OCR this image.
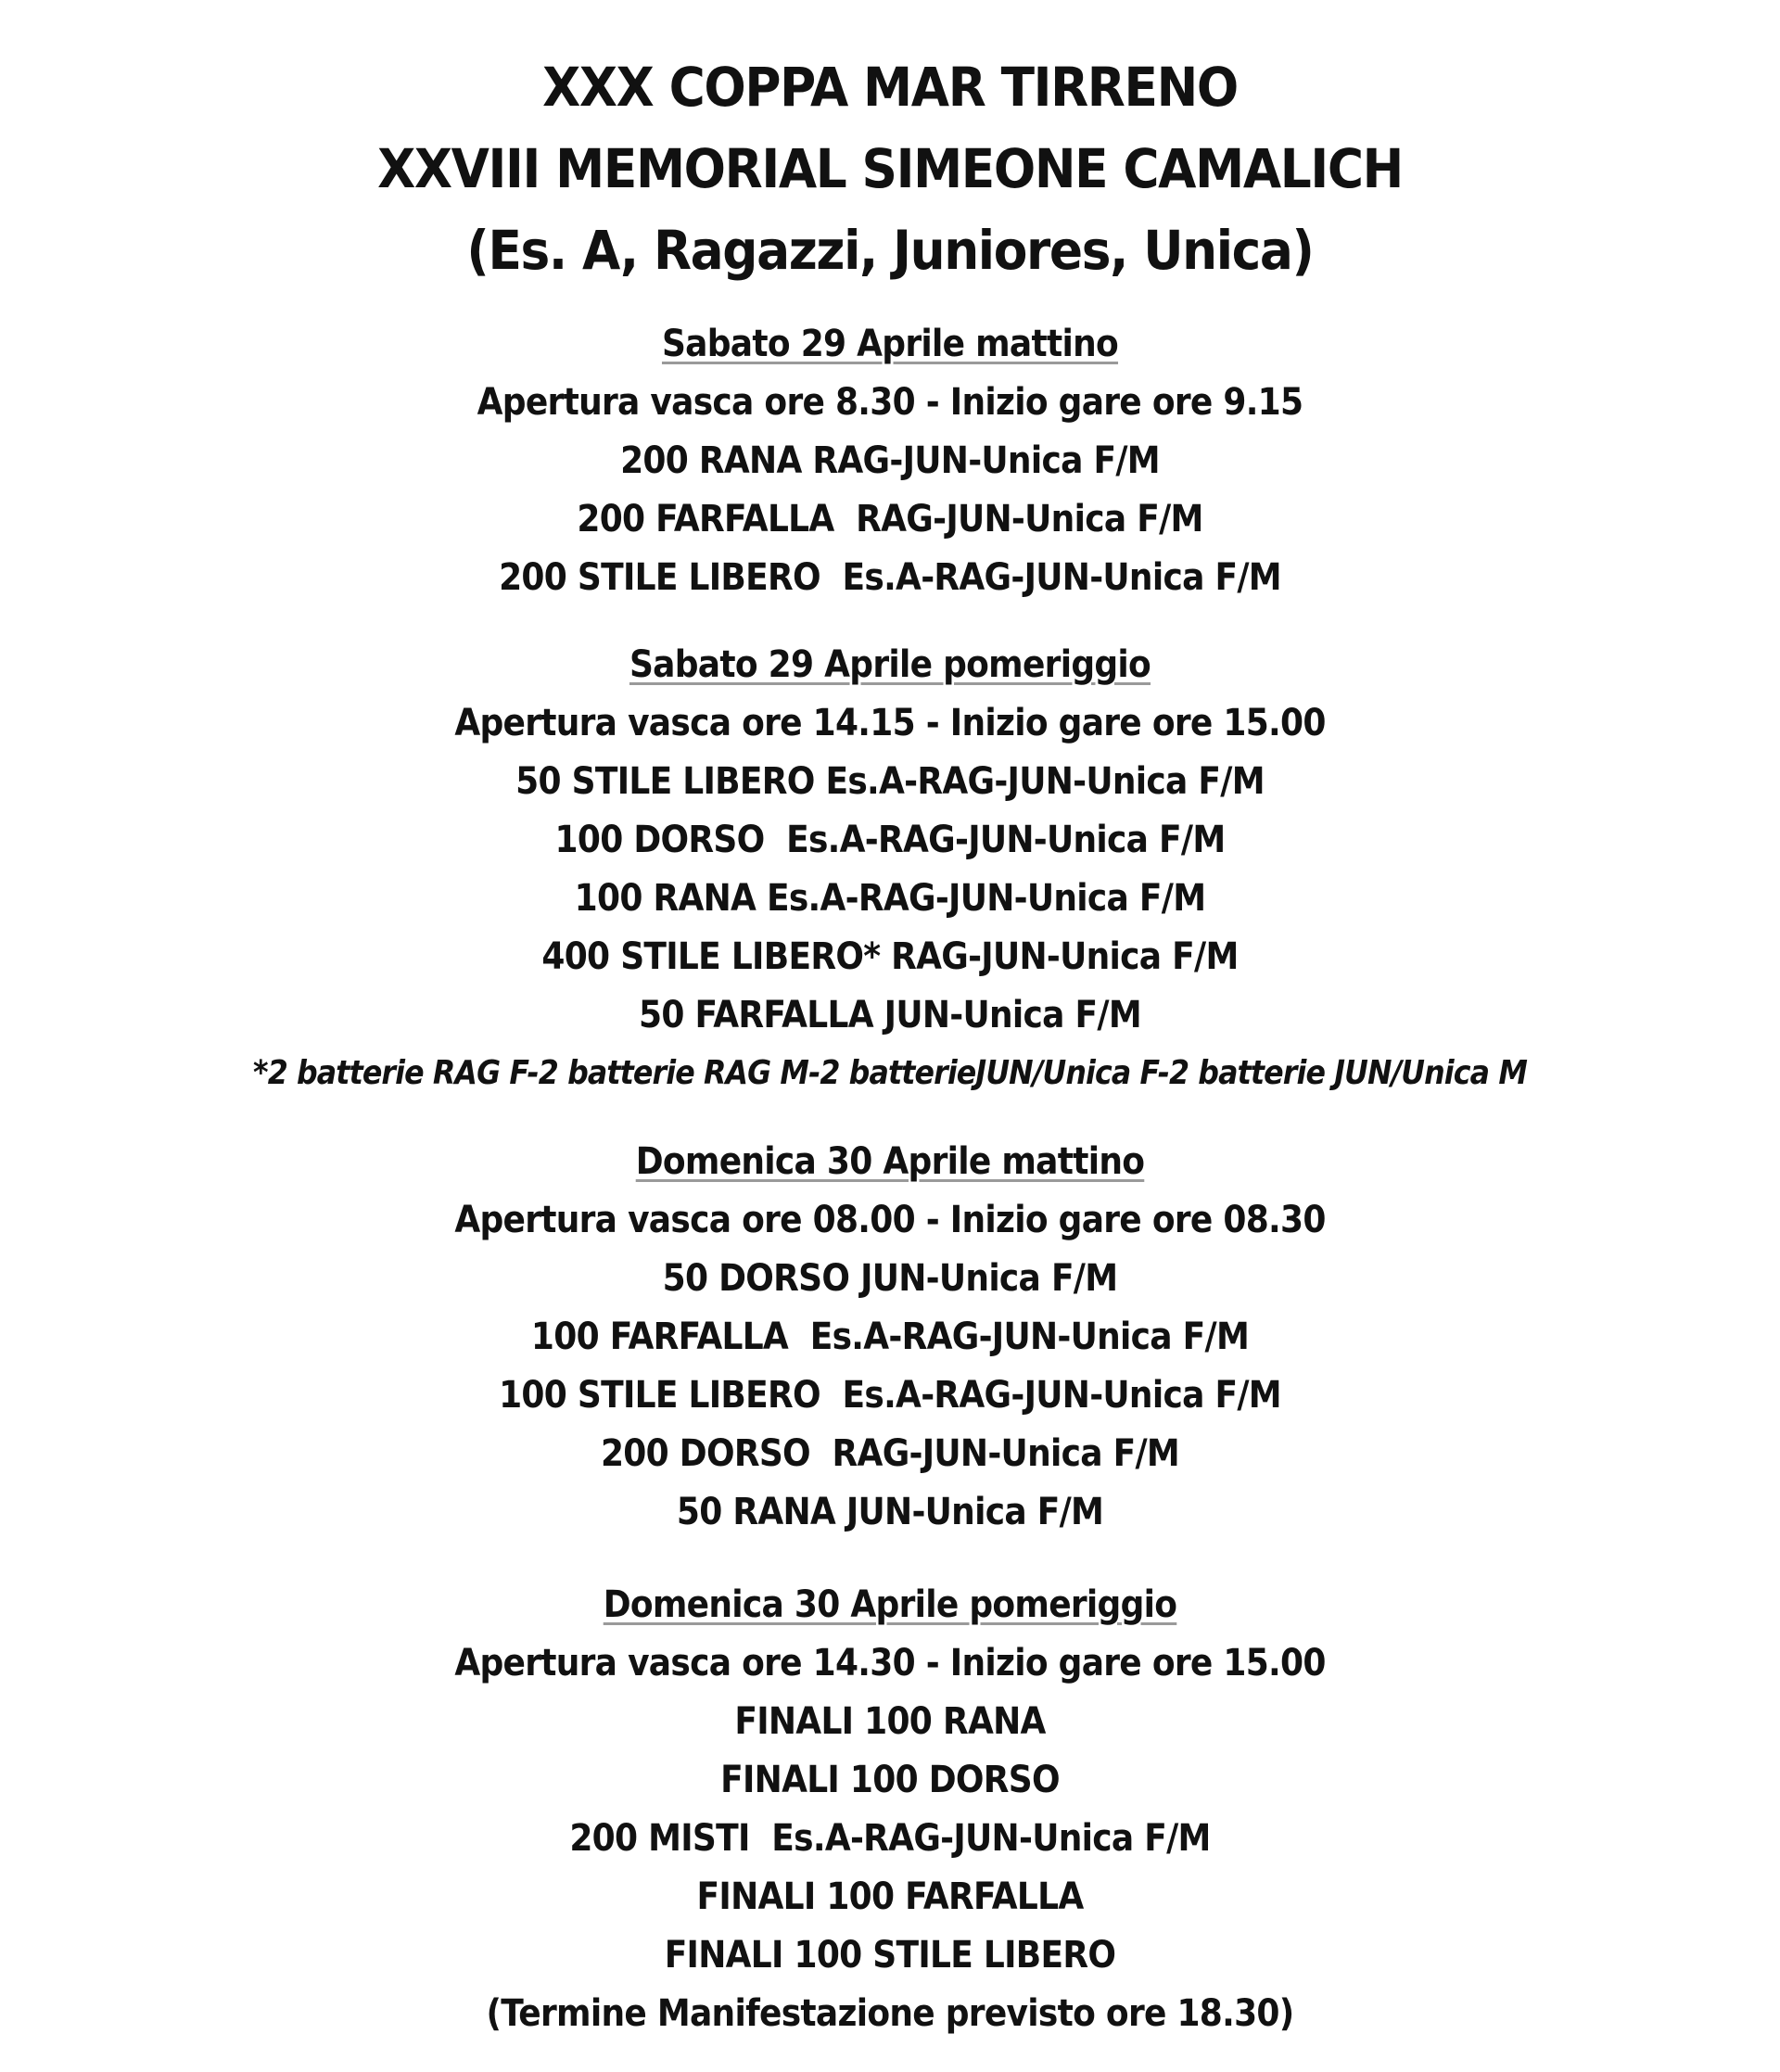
XXX COPPA MAR TIRRENO
XXVIII MEMORIAL SIMEONE CAMALICH
(Es. A, Ragazzi, Juniores, Unica)
Sabato 29 Aprile mattino
Apertura vasca ore 8.30 - Inizio gare ore 9.15
200 RANA RAG-JUN-Unica F/M
200 FARFALLA  RAG-JUN-Unica F/M
200 STILE LIBERO  Es.A-RAG-JUN-Unica F/M
Sabato 29 Aprile pomeriggio
Apertura vasca ore 14.15 - Inizio gare ore 15.00
50 STILE LIBERO Es.A-RAG-JUN-Unica F/M
100 DORSO  Es.A-RAG-JUN-Unica F/M
100 RANA Es.A-RAG-JUN-Unica F/M
400 STILE LIBERO* RAG-JUN-Unica F/M
50 FARFALLA JUN-Unica F/M
*2 batterie RAG F-2 batterie RAG M-2 batterieJUN/Unica F-2 batterie JUN/Unica M
Domenica 30 Aprile mattino
Apertura vasca ore 08.00 - Inizio gare ore 08.30
50 DORSO JUN-Unica F/M
100 FARFALLA  Es.A-RAG-JUN-Unica F/M
100 STILE LIBERO  Es.A-RAG-JUN-Unica F/M
200 DORSO  RAG-JUN-Unica F/M
50 RANA JUN-Unica F/M
Domenica 30 Aprile pomeriggio
Apertura vasca ore 14.30 - Inizio gare ore 15.00
FINALI 100 RANA
FINALI 100 DORSO
200 MISTI  Es.A-RAG-JUN-Unica F/M
FINALI 100 FARFALLA
FINALI 100 STILE LIBERO
(Termine Manifestazione previsto ore 18.30)
